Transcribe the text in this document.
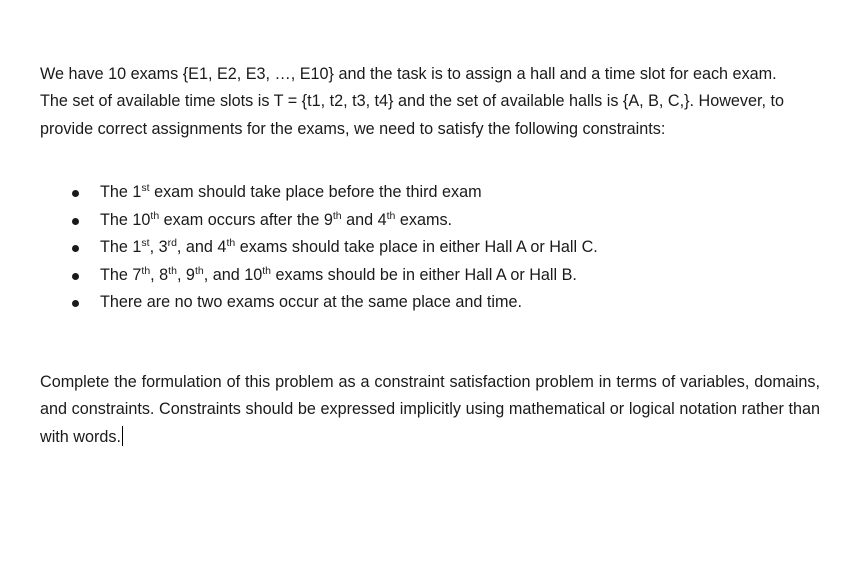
We have 10 exams {E1, E2, E3, …, E10} and the task is to assign a hall and a time slot for each exam. The set of available time slots is T = {t1, t2, t3, t4} and the set of available halls is {A, B, C,}. However, to provide correct assignments for the exams, we need to satisfy the following constraints:

The 1st exam should take place before the third exam
The 10th exam occurs after the 9th and 4th exams.
The 1st, 3rd, and 4th exams should take place in either Hall A or Hall C.
The 7th, 8th, 9th, and 10th exams should be in either Hall A or Hall B.
There are no two exams occur at the same place and time.

Complete the formulation of this problem as a constraint satisfaction problem in terms of variables, domains, and constraints. Constraints should be expressed implicitly using mathematical or logical notation rather than with words.
